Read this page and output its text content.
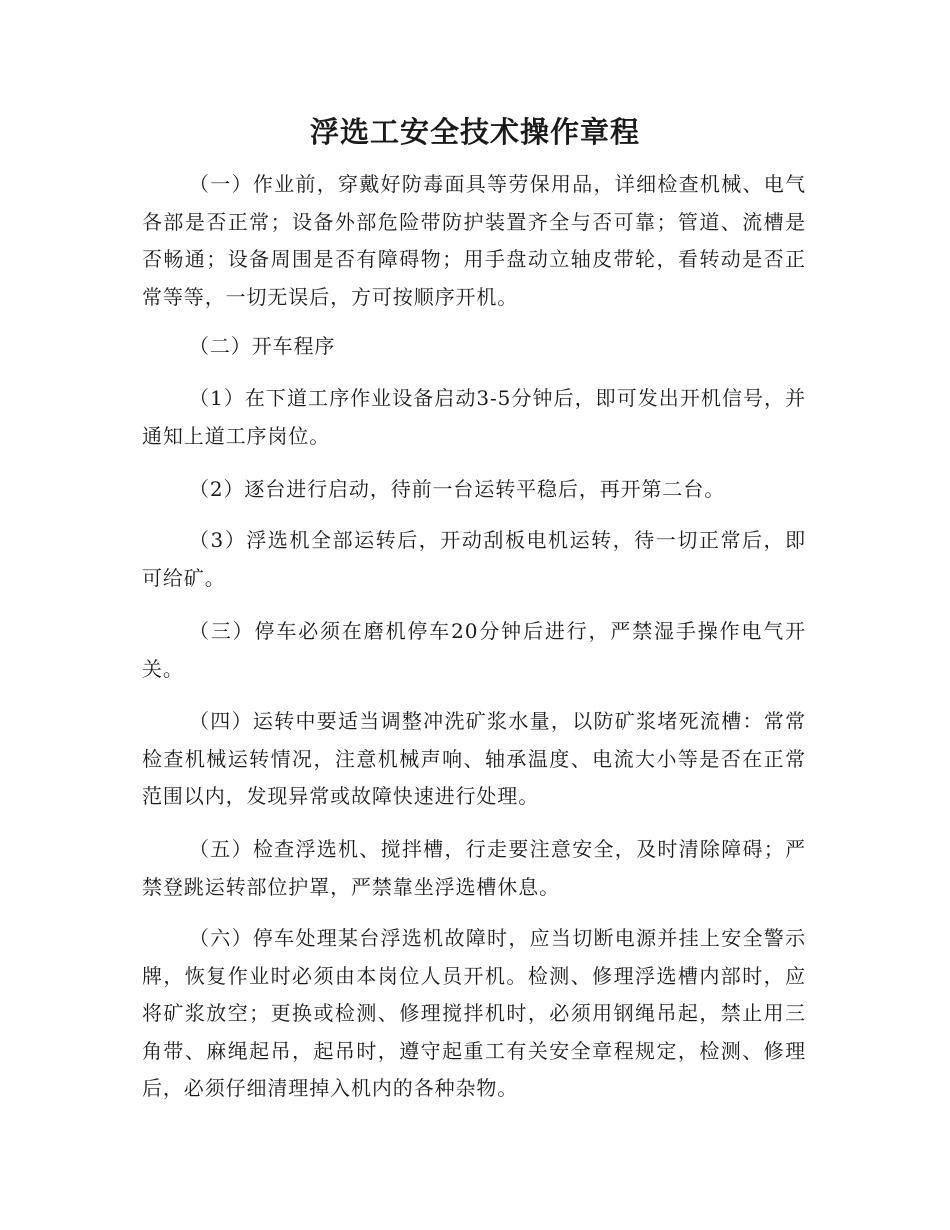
浮选工安全技术操作章程

（一）作业前，穿戴好防毒面具等劳保用品，详细检查机械、电气各部是否正常；设备外部危险带防护装置齐全与否可靠；管道、流槽是否畅通；设备周围是否有障碍物；用手盘动立轴皮带轮，看转动是否正常等等，一切无误后，方可按顺序开机。

（二）开车程序

（1）在下道工序作业设备启动3-5分钟后，即可发出开机信号，并通知上道工序岗位。

（2）逐台进行启动，待前一台运转平稳后，再开第二台。

（3）浮选机全部运转后，开动刮板电机运转，待一切正常后，即可给矿。

（三）停车必须在磨机停车20分钟后进行，严禁湿手操作电气开关。

（四）运转中要适当调整冲洗矿浆水量，以防矿浆堵死流槽：常常检查机械运转情况，注意机械声响、轴承温度、电流大小等是否在正常范围以内，发现异常或故障快速进行处理。

（五）检查浮选机、搅拌槽，行走要注意安全，及时清除障碍；严禁登跳运转部位护罩，严禁靠坐浮选槽休息。

（六）停车处理某台浮选机故障时，应当切断电源并挂上安全警示牌，恢复作业时必须由本岗位人员开机。检测、修理浮选槽内部时，应将矿浆放空；更换或检测、修理搅拌机时，必须用钢绳吊起，禁止用三角带、麻绳起吊，起吊时，遵守起重工有关安全章程规定，检测、修理后，必须仔细清理掉入机内的各种杂物。
